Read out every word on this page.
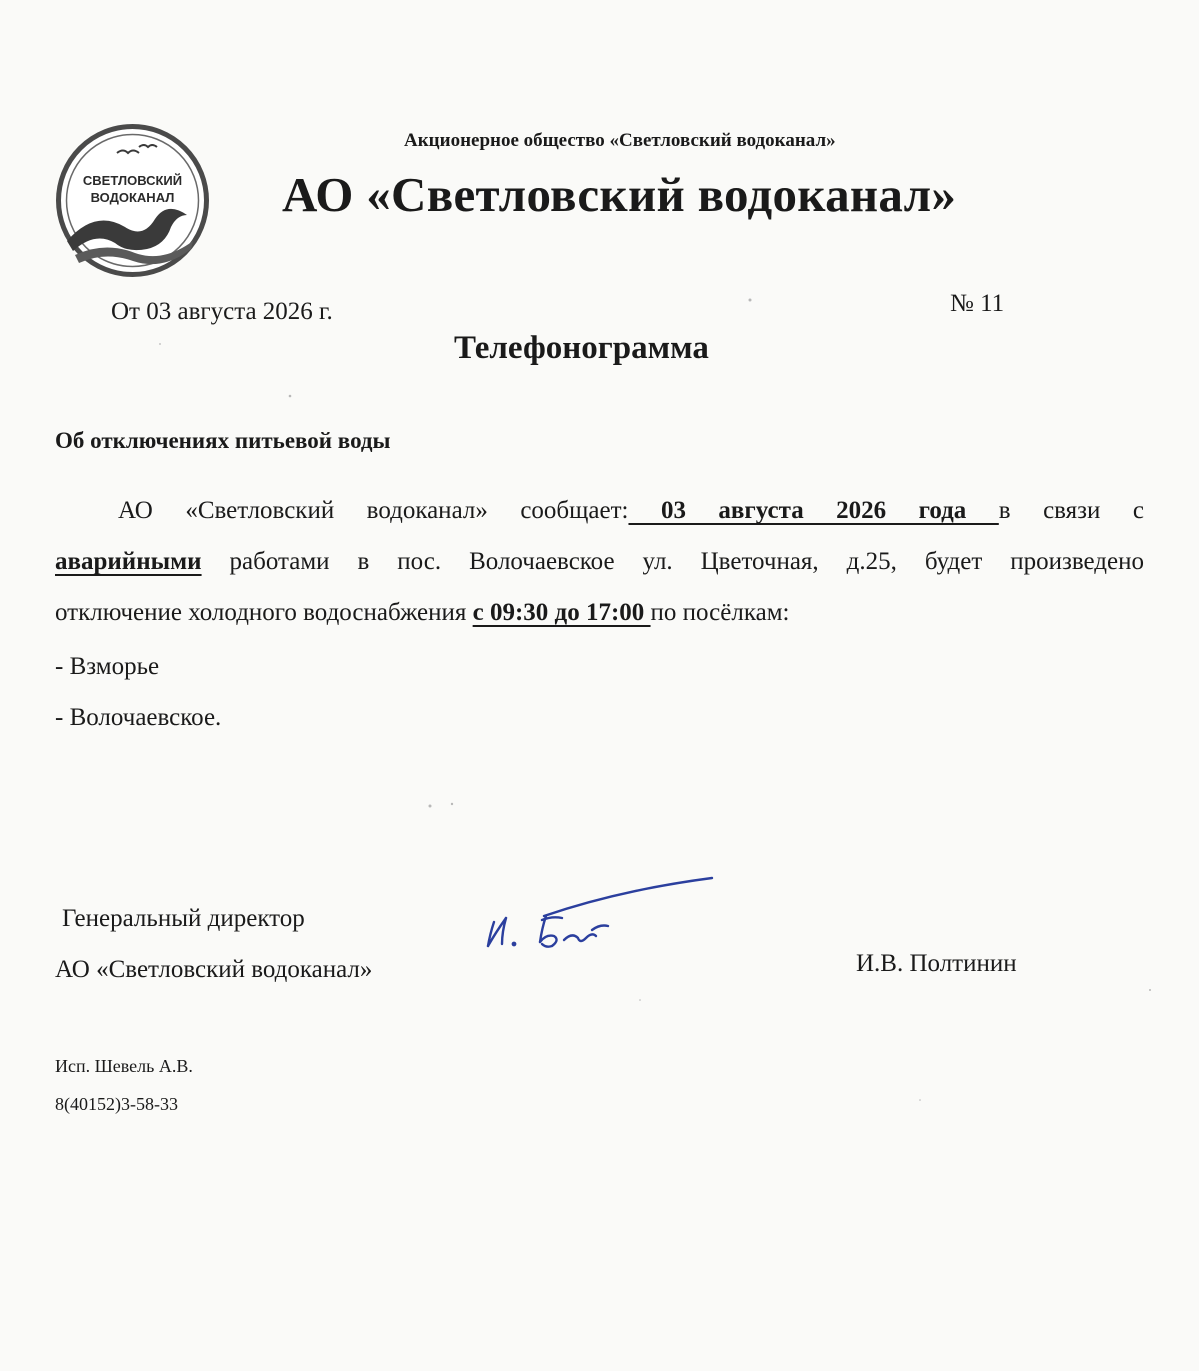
СВЕТЛОВСКИЙ
ВОДОКАНАЛ
Акционерное общество «Светловский водоканал»
АО «Светловский водоканал»
От 03 августа 2026 г.	№ 11
Телефонограмма
Об отключениях питьевой воды
АО «Светловский водоканал» сообщает: 03 августа 2026 года в связи с
аварийными работами в пос. Волочаевское ул. Цветочная, д.25, будет произведено
отключение холодного водоснабжения с 09:30 до 17:00 по посёлкам:
- Взморье
- Волочаевское.
Генеральный директор
АО «Светловский водоканал»	И.В. Полтинин
Исп. Шевель А.В.
8(40152)3-58-33
